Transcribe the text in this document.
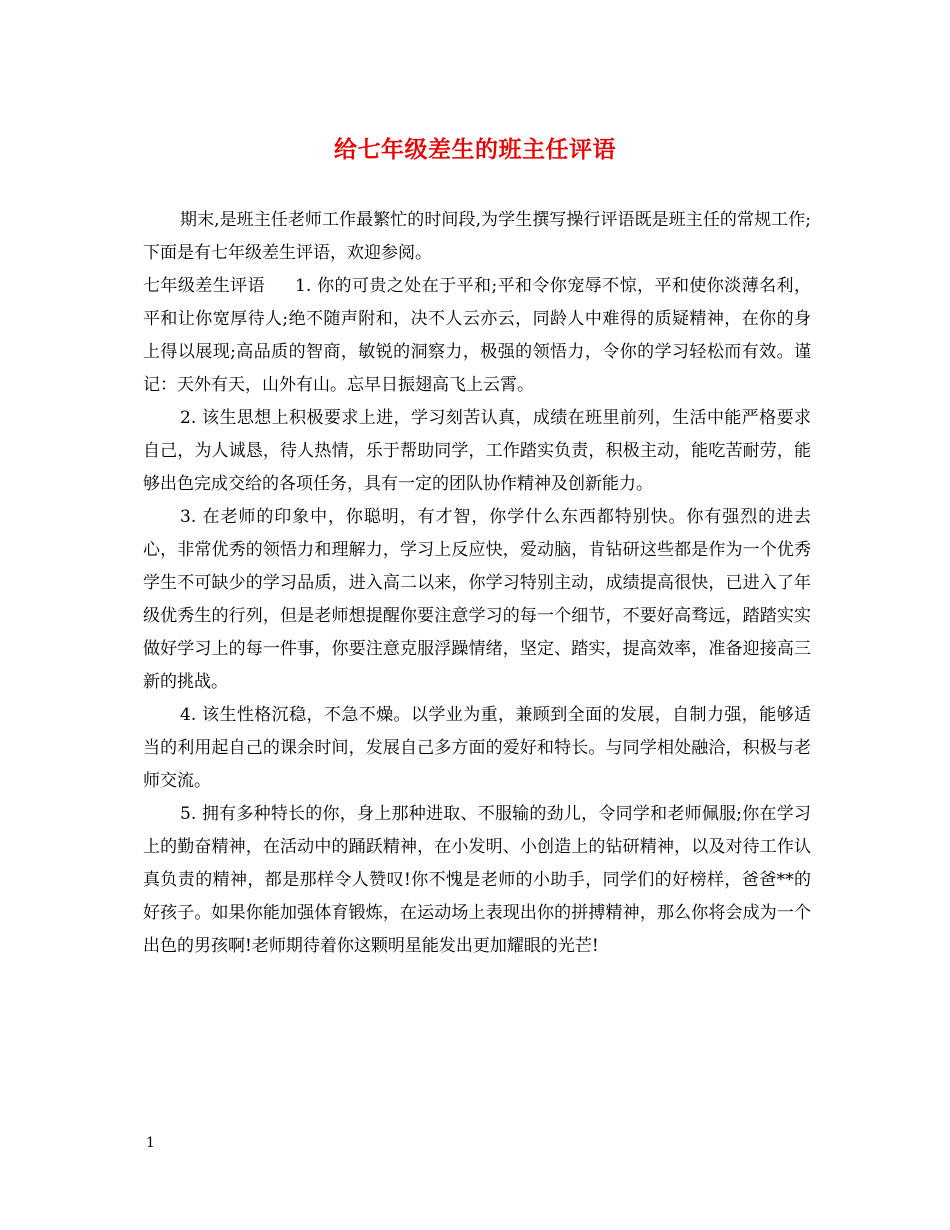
给七年级差生的班主任评语

期末,是班主任老师工作最繁忙的时间段,为学生撰写操行评语既是班主任的常规工作;下面是有七年级差生评语，欢迎参阅。

七年级差生评语 1. 你的可贵之处在于平和;平和令你宠辱不惊，平和使你淡薄名利，平和让你宽厚待人;绝不随声附和，决不人云亦云，同龄人中难得的质疑精神，在你的身上得以展现;高品质的智商，敏锐的洞察力，极强的领悟力，令你的学习轻松而有效。谨记：天外有天，山外有山。忘早日振翅高飞上云霄。

2. 该生思想上积极要求上进，学习刻苦认真，成绩在班里前列，生活中能严格要求自己，为人诚恳，待人热情，乐于帮助同学，工作踏实负责，积极主动，能吃苦耐劳，能够出色完成交给的各项任务，具有一定的团队协作精神及创新能力。

3. 在老师的印象中，你聪明，有才智，你学什么东西都特别快。你有强烈的进去心，非常优秀的领悟力和理解力，学习上反应快，爱动脑，肯钻研这些都是作为一个优秀学生不可缺少的学习品质，进入高二以来，你学习特别主动，成绩提高很快，已进入了年级优秀生的行列，但是老师想提醒你要注意学习的每一个细节，不要好高骛远，踏踏实实做好学习上的每一件事，你要注意克服浮躁情绪，坚定、踏实，提高效率，准备迎接高三新的挑战。

4. 该生性格沉稳，不急不燥。以学业为重，兼顾到全面的发展，自制力强，能够适当的利用起自己的课余时间，发展自己多方面的爱好和特长。与同学相处融洽，积极与老师交流。

5. 拥有多种特长的你，身上那种进取、不服输的劲儿，令同学和老师佩服;你在学习上的勤奋精神，在活动中的踊跃精神，在小发明、小创造上的钻研精神，以及对待工作认真负责的精神，都是那样令人赞叹!你不愧是老师的小助手，同学们的好榜样，爸爸**的好孩子。如果你能加强体育锻炼，在运动场上表现出你的拼搏精神，那么你将会成为一个出色的男孩啊!老师期待着你这颗明星能发出更加耀眼的光芒!

1
